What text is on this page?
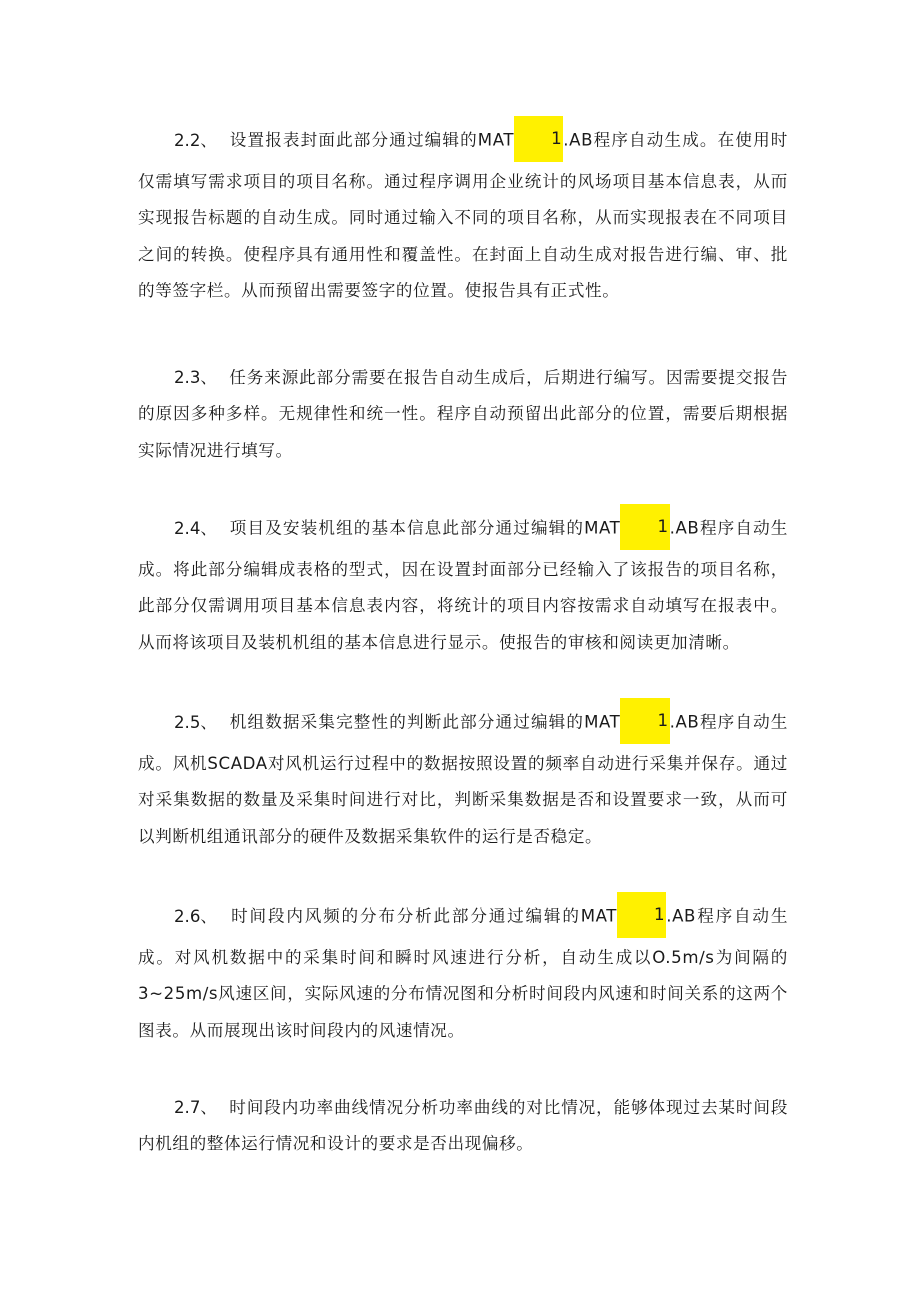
2.2、 设置报表封面此部分通过编辑的MAT 1.AB程序自动生成。在使用时仅需填写需求项目的项目名称。通过程序调用企业统计的风场项目基本信息表，从而实现报告标题的自动生成。同时通过输入不同的项目名称，从而实现报表在不同项目之间的转换。使程序具有通用性和覆盖性。在封面上自动生成对报告进行编、审、批的等签字栏。从而预留出需要签字的位置。使报告具有正式性。

2.3、 任务来源此部分需要在报告自动生成后，后期进行编写。因需要提交报告的原因多种多样。无规律性和统一性。程序自动预留出此部分的位置，需要后期根据实际情况进行填写。

2.4、 项目及安装机组的基本信息此部分通过编辑的MAT 1.AB程序自动生成。将此部分编辑成表格的型式，因在设置封面部分已经输入了该报告的项目名称，此部分仅需调用项目基本信息表内容，将统计的项目内容按需求自动填写在报表中。从而将该项目及装机机组的基本信息进行显示。使报告的审核和阅读更加清晰。

2.5、 机组数据采集完整性的判断此部分通过编辑的MAT 1.AB程序自动生成。风机SCADA对风机运行过程中的数据按照设置的频率自动进行采集并保存。通过对采集数据的数量及采集时间进行对比，判断采集数据是否和设置要求一致，从而可以判断机组通讯部分的硬件及数据采集软件的运行是否稳定。

2.6、 时间段内风频的分布分析此部分通过编辑的MAT 1.AB程序自动生成。对风机数据中的采集时间和瞬时风速进行分析，自动生成以O.5m∕s为间隔的3~25m∕s风速区间，实际风速的分布情况图和分析时间段内风速和时间关系的这两个图表。从而展现出该时间段内的风速情况。

2.7、 时间段内功率曲线情况分析功率曲线的对比情况，能够体现过去某时间段内机组的整体运行情况和设计的要求是否出现偏移。
